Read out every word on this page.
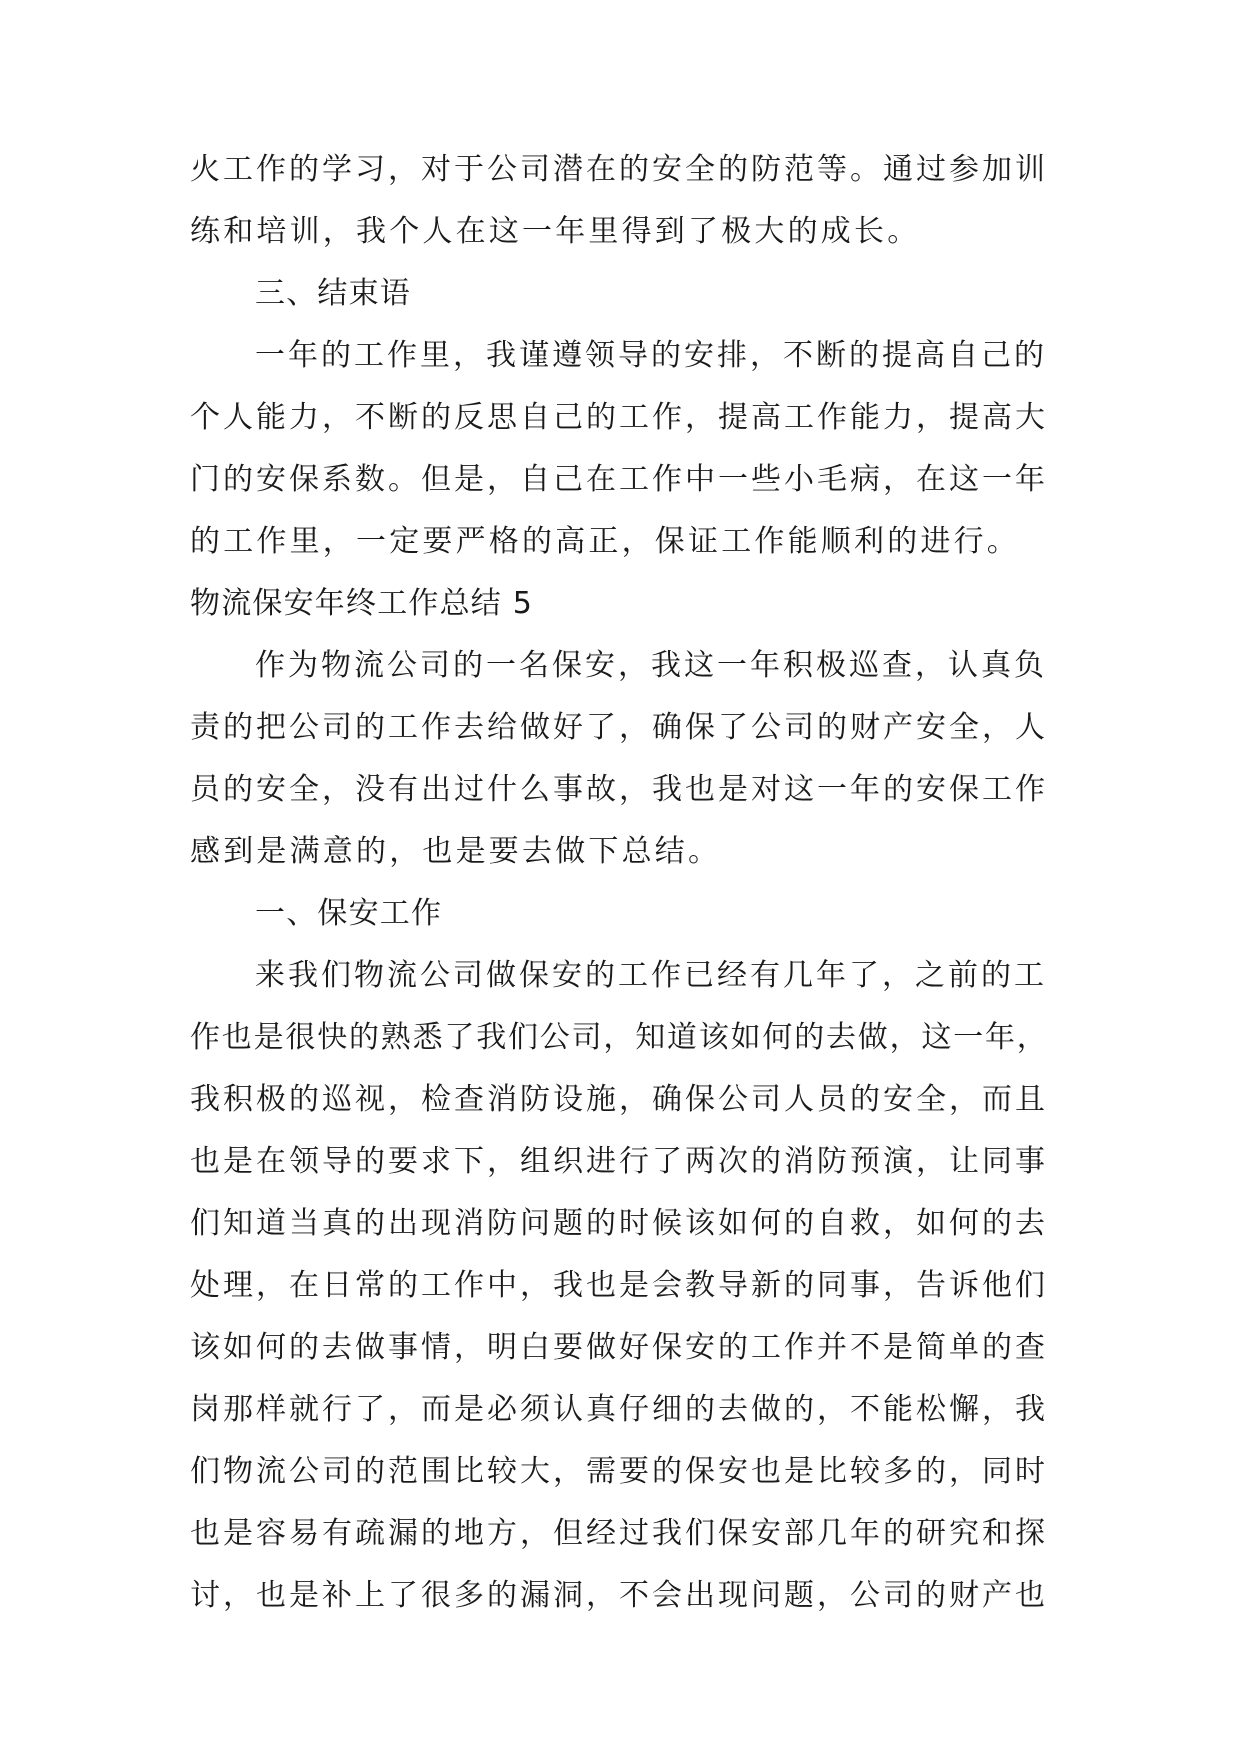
火工作的学习，对于公司潜在的安全的防范等。通过参加训
练和培训，我个人在这一年里得到了极大的成长。
三、结束语
一年的工作里，我谨遵领导的安排，不断的提高自己的
个人能力，不断的反思自己的工作，提高工作能力，提高大
门的安保系数。但是，自己在工作中一些小毛病，在这一年
的工作里，一定要严格的高正，保证工作能顺利的进行。
物流保安年终工作总结 5
作为物流公司的一名保安，我这一年积极巡查，认真负
责的把公司的工作去给做好了，确保了公司的财产安全，人
员的安全，没有出过什么事故，我也是对这一年的安保工作
感到是满意的，也是要去做下总结。
一、保安工作
来我们物流公司做保安的工作已经有几年了，之前的工
作也是很快的熟悉了我们公司，知道该如何的去做，这一年，
我积极的巡视，检查消防设施，确保公司人员的安全，而且
也是在领导的要求下，组织进行了两次的消防预演，让同事
们知道当真的出现消防问题的时候该如何的自救，如何的去
处理，在日常的工作中，我也是会教导新的同事，告诉他们
该如何的去做事情，明白要做好保安的工作并不是简单的查
岗那样就行了，而是必须认真仔细的去做的，不能松懈，我
们物流公司的范围比较大，需要的保安也是比较多的，同时
也是容易有疏漏的地方，但经过我们保安部几年的研究和探
讨，也是补上了很多的漏洞，不会出现问题，公司的财产也
